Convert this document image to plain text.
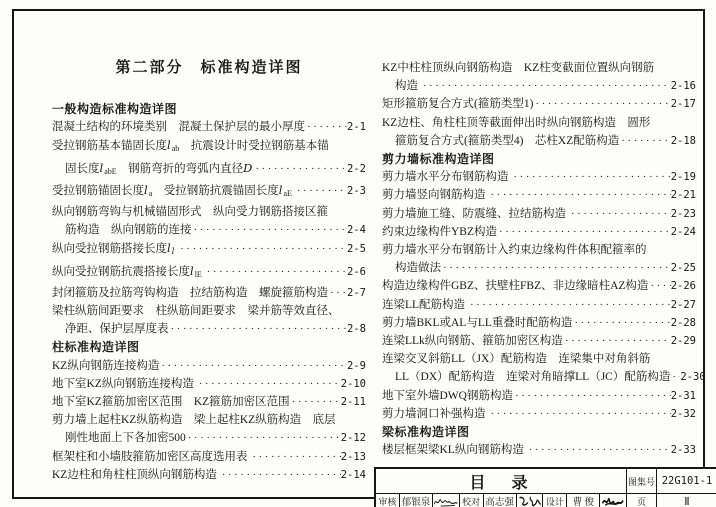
第二部分　标准构造详图
一般构造标准构造详图
混凝土结构的环境类别　混凝土保护层的最小厚度 ·····	2-1
受拉钢筋基本锚固长度$l_{ab}$　抗震设计时受拉钢筋基本锚
固长度$l_{abE}$　钢筋弯折的弯弧内直径D ·····	2-2
受拉钢筋锚固长度$l_a$　受拉钢筋抗震锚固长度$l_{aE}$ ·····	2-3
纵向钢筋弯钩与机械锚固形式　纵向受力钢筋搭接区箍
筋构造　纵向钢筋的连接 ·····	2-4
纵向受拉钢筋搭接长度$l_l$ ·····	2-5
纵向受拉钢筋抗震搭接长度$l_{lE}$ ·····	2-6
封闭箍筋及拉筋弯钩构造　拉结筋构造　螺旋箍筋构造 ····· 2-7
梁柱纵筋间距要求　柱纵筋间距要求　梁并筋等效直径、
净距、保护层厚度表 ·····	2-8
柱标准构造详图
KZ纵向钢筋连接构造 ·····	2-9
地下室KZ纵向钢筋连接构造 ·····	2-10
地下室KZ箍筋加密区范围　KZ箍筋加密区范围 ·····	2-11
剪力墙上起柱KZ纵筋构造　梁上起柱KZ纵筋构造　底层
刚性地面上下各加密500 ·····	2-12
框架柱和小墙肢箍筋加密区高度选用表 ·····	2-13
KZ边柱和角柱柱顶纵向钢筋构造 ·····	2-14
KZ中柱柱顶纵向钢筋构造　KZ柱变截面位置纵向钢筋
构造 ·····	2-16
矩形箍筋复合方式(箍筋类型1) ·····	2-17
KZ边柱、角柱柱顶等截面伸出时纵向钢筋构造　圆形
箍筋复合方式(箍筋类型4)　芯柱XZ配筋构造 ·····	2-18
剪力墙标准构造详图
剪力墙水平分布钢筋构造 ·····	2-19
剪力墙竖向钢筋构造 ·····	2-21
剪力墙施工缝、防震缝、拉结筋构造 ·····	2-23
约束边缘构件YBZ构造 ·····	2-24
剪力墙水平分布钢筋计入约束边缘构件体积配箍率的
构造做法 ·····	2-25
构造边缘构件GBZ、扶壁柱FBZ、非边缘暗柱AZ构造 ····· 2-26
连梁LL配筋构造 ·····	2-27
剪力墙BKL或AL与LL重叠时配筋构造 ·····	2-28
连梁LLk纵向钢筋、箍筋加密区构造 ·····	2-29
连梁交叉斜筋LL（JX）配筋构造　连梁集中对角斜筋
LL（DX）配筋构造　连梁对角暗撑LL（JC）配筋构造 ····· 2-30
地下室外墙DWQ钢筋构造 ·····	2-31
剪力墙洞口补强构造 ·····	2-32
梁标准构造详图
楼层框架梁KL纵向钢筋构造 ·····	2-33
目　录	图集号 22G101-1
审核 郁银泉	校对 高志强	设计 曹 俊	页	Ⅱ
